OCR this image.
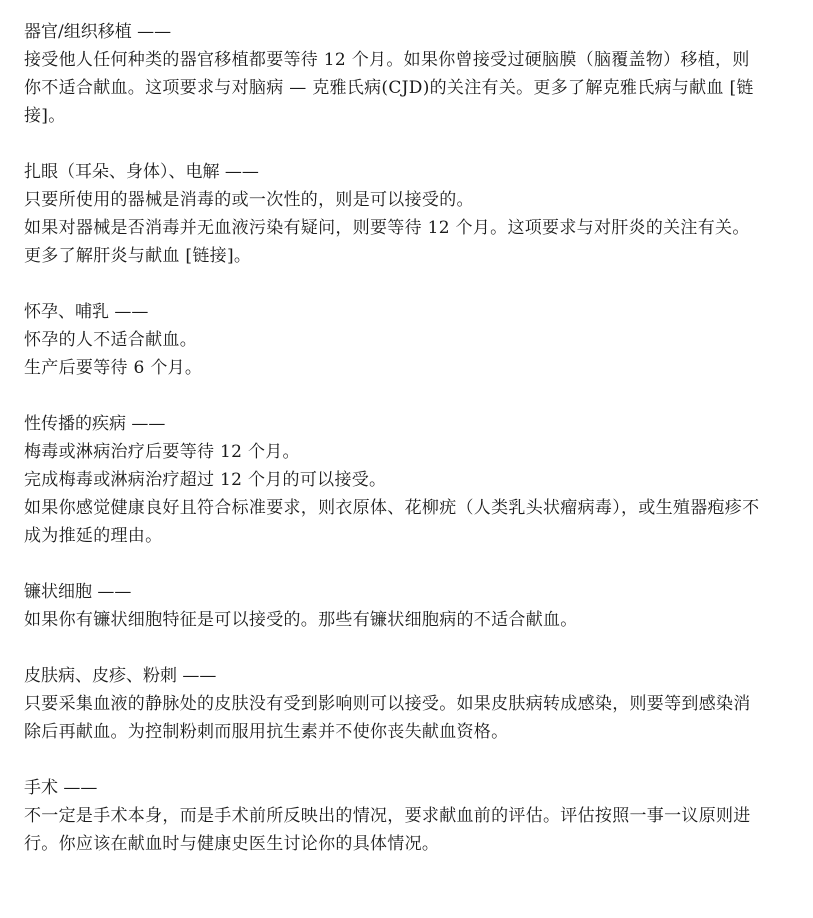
器官/组织移植 ——

接受他人任何种类的器官移植都要等待 12 个月。如果你曾接受过硬脑膜（脑覆盖物）移植，则你不适合献血。这项要求与对脑病 — 克雅氏病(CJD)的关注有关。更多了解克雅氏病与献血 [链接]。

扎眼（耳朵、身体）、电解 ——

只要所使用的器械是消毒的或一次性的，则是可以接受的。

如果对器械是否消毒并无血液污染有疑问，则要等待 12 个月。这项要求与对肝炎的关注有关。更多了解肝炎与献血 [链接]。

怀孕、哺乳 ——

怀孕的人不适合献血。

生产后要等待 6 个月。

性传播的疾病 ——

梅毒或淋病治疗后要等待 12 个月。

完成梅毒或淋病治疗超过 12 个月的可以接受。

如果你感觉健康良好且符合标准要求，则衣原体、花柳疣（人类乳头状瘤病毒），或生殖器疱疹不成为推延的理由。

镰状细胞 ——

如果你有镰状细胞特征是可以接受的。那些有镰状细胞病的不适合献血。

皮肤病、皮疹、粉刺 ——

只要采集血液的静脉处的皮肤没有受到影响则可以接受。如果皮肤病转成感染，则要等到感染消除后再献血。为控制粉刺而服用抗生素并不使你丧失献血资格。

手术 ——

不一定是手术本身，而是手术前所反映出的情况，要求献血前的评估。评估按照一事一议原则进行。你应该在献血时与健康史医生讨论你的具体情况。
